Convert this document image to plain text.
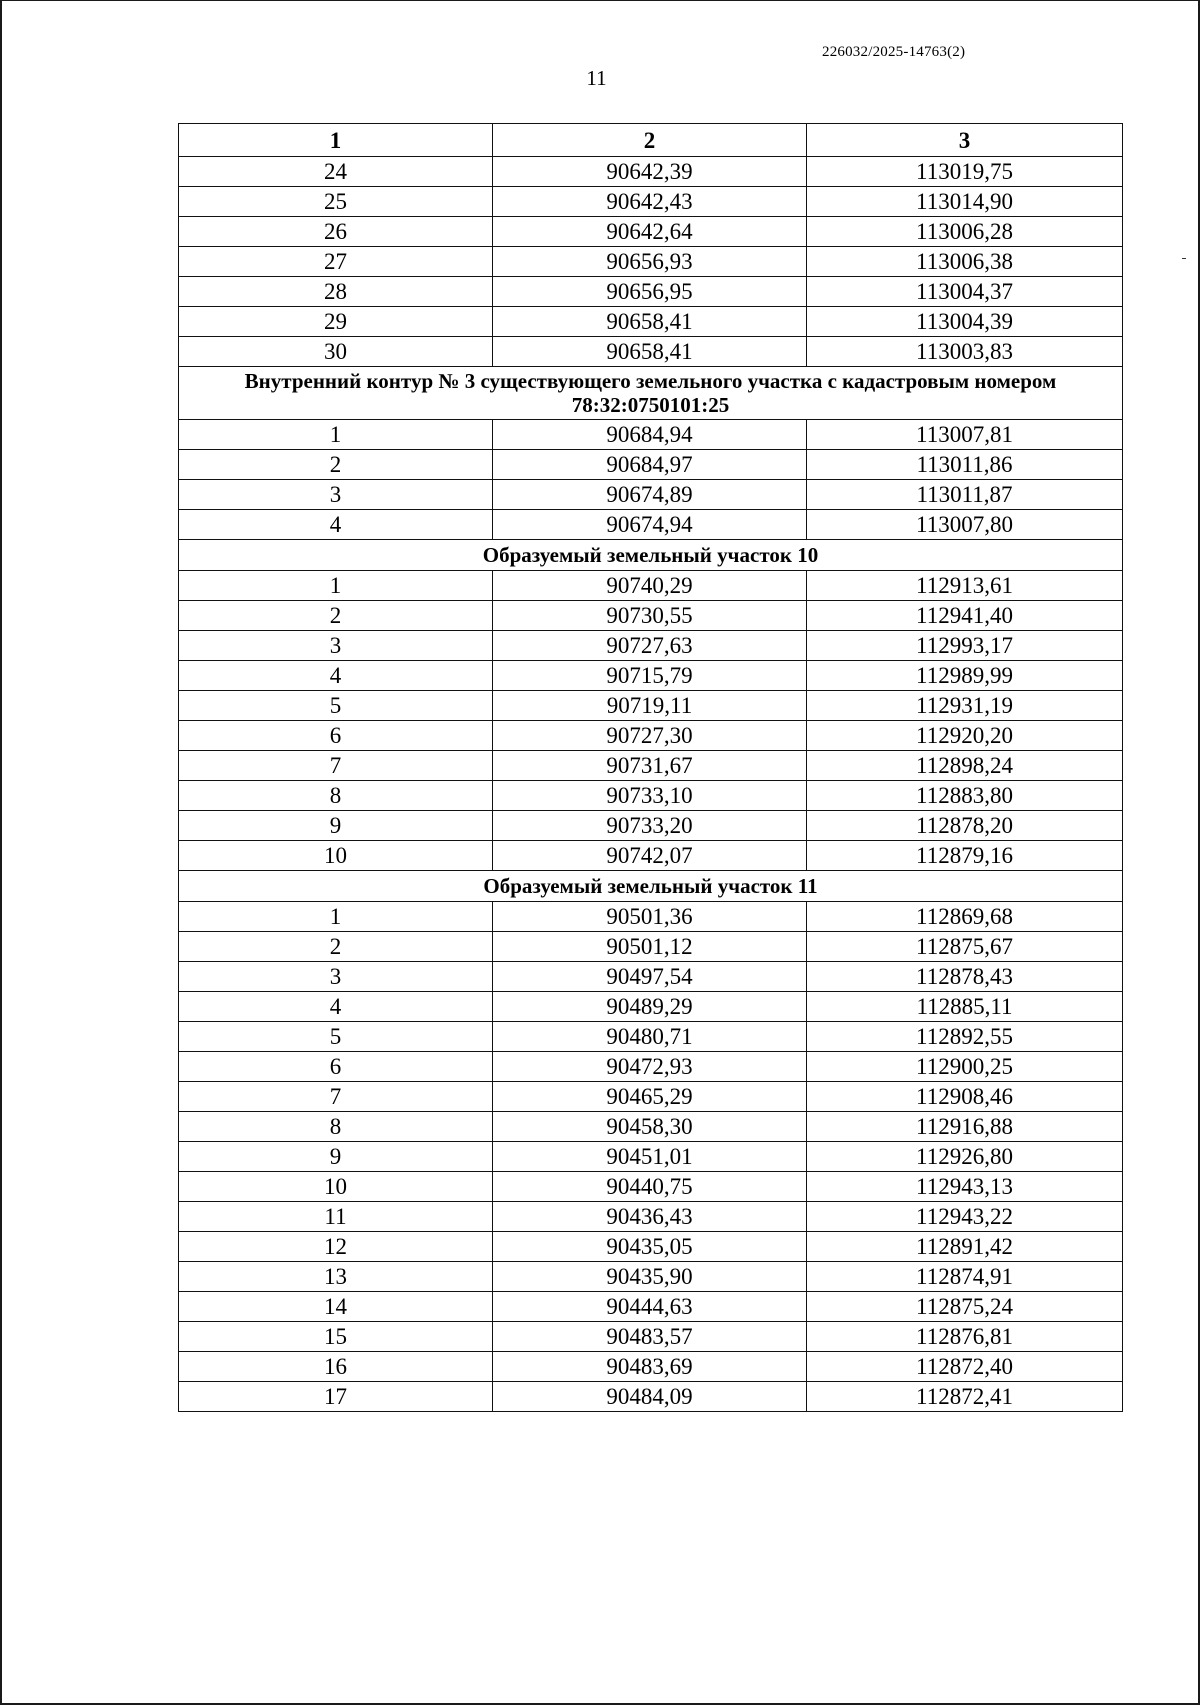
226032/2025-14763(2)
11
1	2	3
24	90642,39	113019,75
25	90642,43	113014,90
26	90642,64	113006,28
27	90656,93	113006,38
28	90656,95	113004,37
29	90658,41	113004,39
30	90658,41	113003,83
Внутренний контур № 3 существующего земельного участка с кадастровым номером 78:32:0750101:25		
1	90684,94	113007,81
2	90684,97	113011,86
3	90674,89	113011,87
4	90674,94	113007,80
Образуемый земельный участок 10		
1	90740,29	112913,61
2	90730,55	112941,40
3	90727,63	112993,17
4	90715,79	112989,99
5	90719,11	112931,19
6	90727,30	112920,20
7	90731,67	112898,24
8	90733,10	112883,80
9	90733,20	112878,20
10	90742,07	112879,16
Образуемый земельный участок 11		
1	90501,36	112869,68
2	90501,12	112875,67
3	90497,54	112878,43
4	90489,29	112885,11
5	90480,71	112892,55
6	90472,93	112900,25
7	90465,29	112908,46
8	90458,30	112916,88
9	90451,01	112926,80
10	90440,75	112943,13
11	90436,43	112943,22
12	90435,05	112891,42
13	90435,90	112874,91
14	90444,63	112875,24
15	90483,57	112876,81
16	90483,69	112872,40
17	90484,09	112872,41
